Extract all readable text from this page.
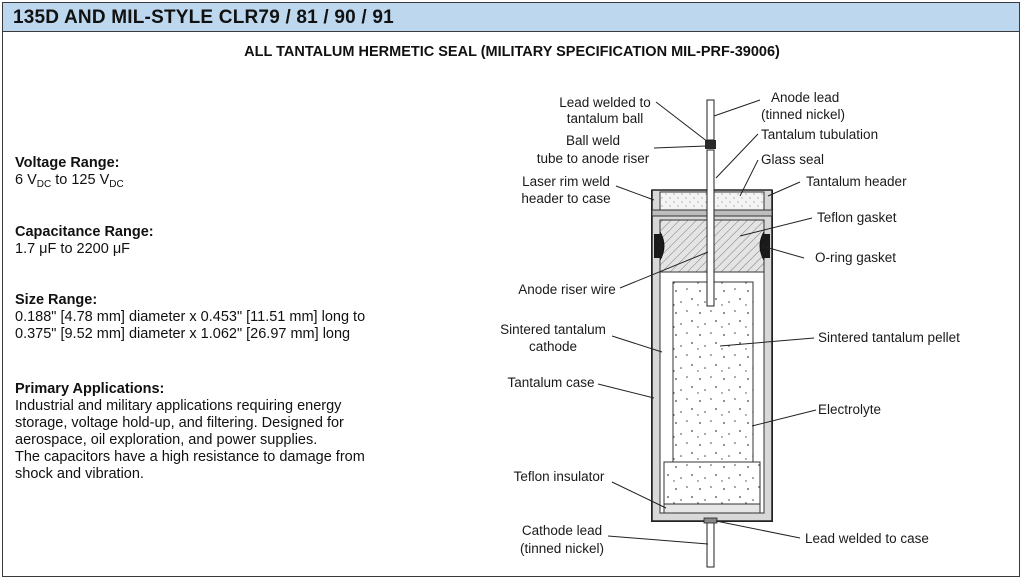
135D AND MIL-STYLE CLR79 / 81 / 90 / 91
ALL TANTALUM HERMETIC SEAL (MILITARY SPECIFICATION MIL-PRF-39006)
Voltage Range:
6 $V_{DC}$ to 125 $V_{DC}$
Capacitance Range:
1.7 μF to 2200 μF
Size Range:
0.188" [4.78 mm] diameter x 0.453" [11.51 mm] long to
0.375" [9.52 mm] diameter x 1.062" [26.97 mm] long
Primary Applications:
Industrial and military applications requiring energy
storage, voltage hold-up, and filtering. Designed for
aerospace, oil exploration, and power supplies.
The capacitors have a high resistance to damage from
shock and vibration.
Lead welded to
tantalum ball
Ball weld
tube to anode riser
Laser rim weld
header to case
Anode riser wire
Sintered tantalum
cathode
Tantalum case
Teflon insulator
Cathode lead
(tinned nickel)
Anode lead
(tinned nickel)
Tantalum tubulation
Glass seal
Tantalum header
Teflon gasket
O-ring gasket
Sintered tantalum pellet
Electrolyte
Lead welded to case
